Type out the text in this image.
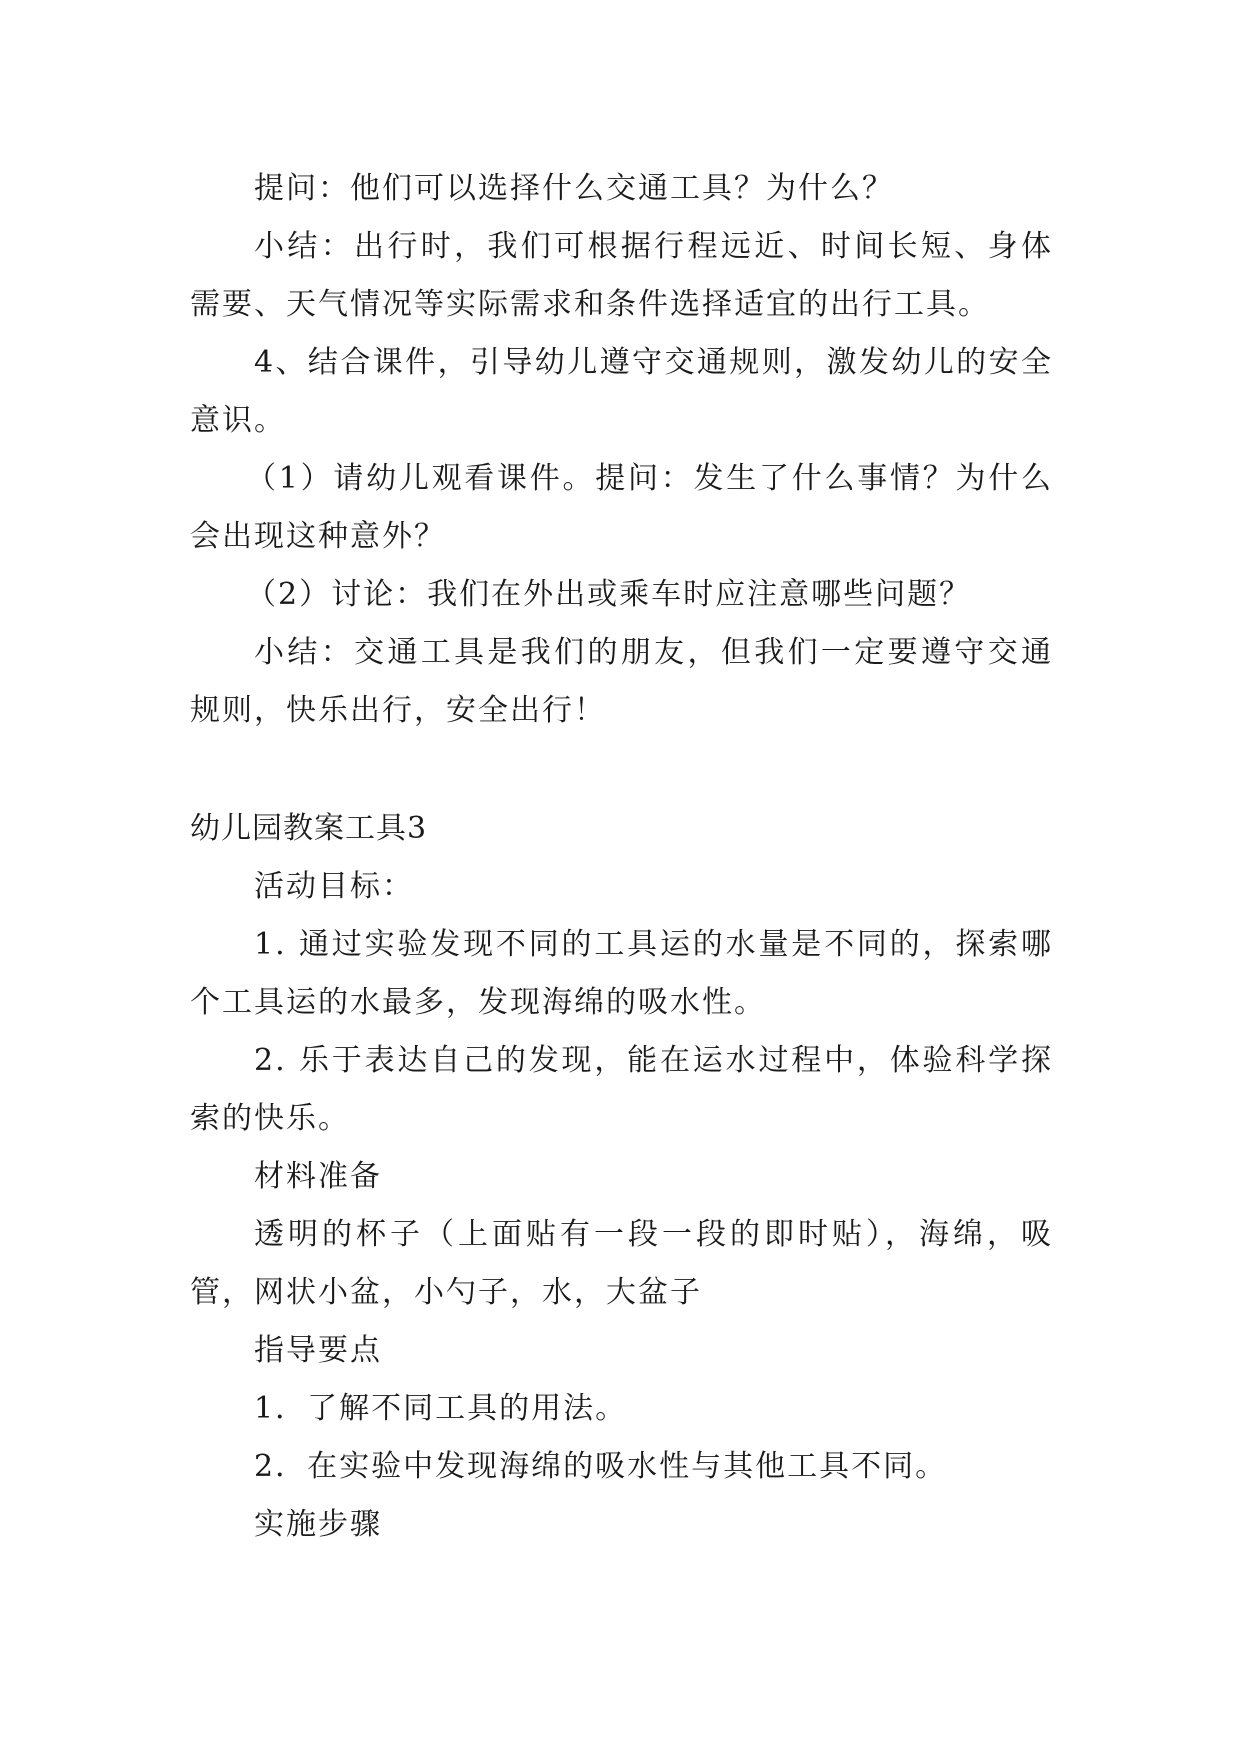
提问：他们可以选择什么交通工具？为什么？

小结：出行时，我们可根据行程远近、时间长短、身体需要、天气情况等实际需求和条件选择适宜的出行工具。

4、结合课件，引导幼儿遵守交通规则，激发幼儿的安全意识。

（1）请幼儿观看课件。提问：发生了什么事情？为什么会出现这种意外？

（2）讨论：我们在外出或乘车时应注意哪些问题？

小结：交通工具是我们的朋友，但我们一定要遵守交通规则，快乐出行，安全出行！

幼儿园教案工具3

活动目标：

1. 通过实验发现不同的工具运的水量是不同的，探索哪个工具运的水最多，发现海绵的吸水性。

2. 乐于表达自己的发现，能在运水过程中，体验科学探索的快乐。

材料准备

透明的杯子（上面贴有一段一段的即时贴），海绵，吸管，网状小盆，小勺子，水，大盆子

指导要点

1．了解不同工具的用法。

2．在实验中发现海绵的吸水性与其他工具不同。

实施步骤
